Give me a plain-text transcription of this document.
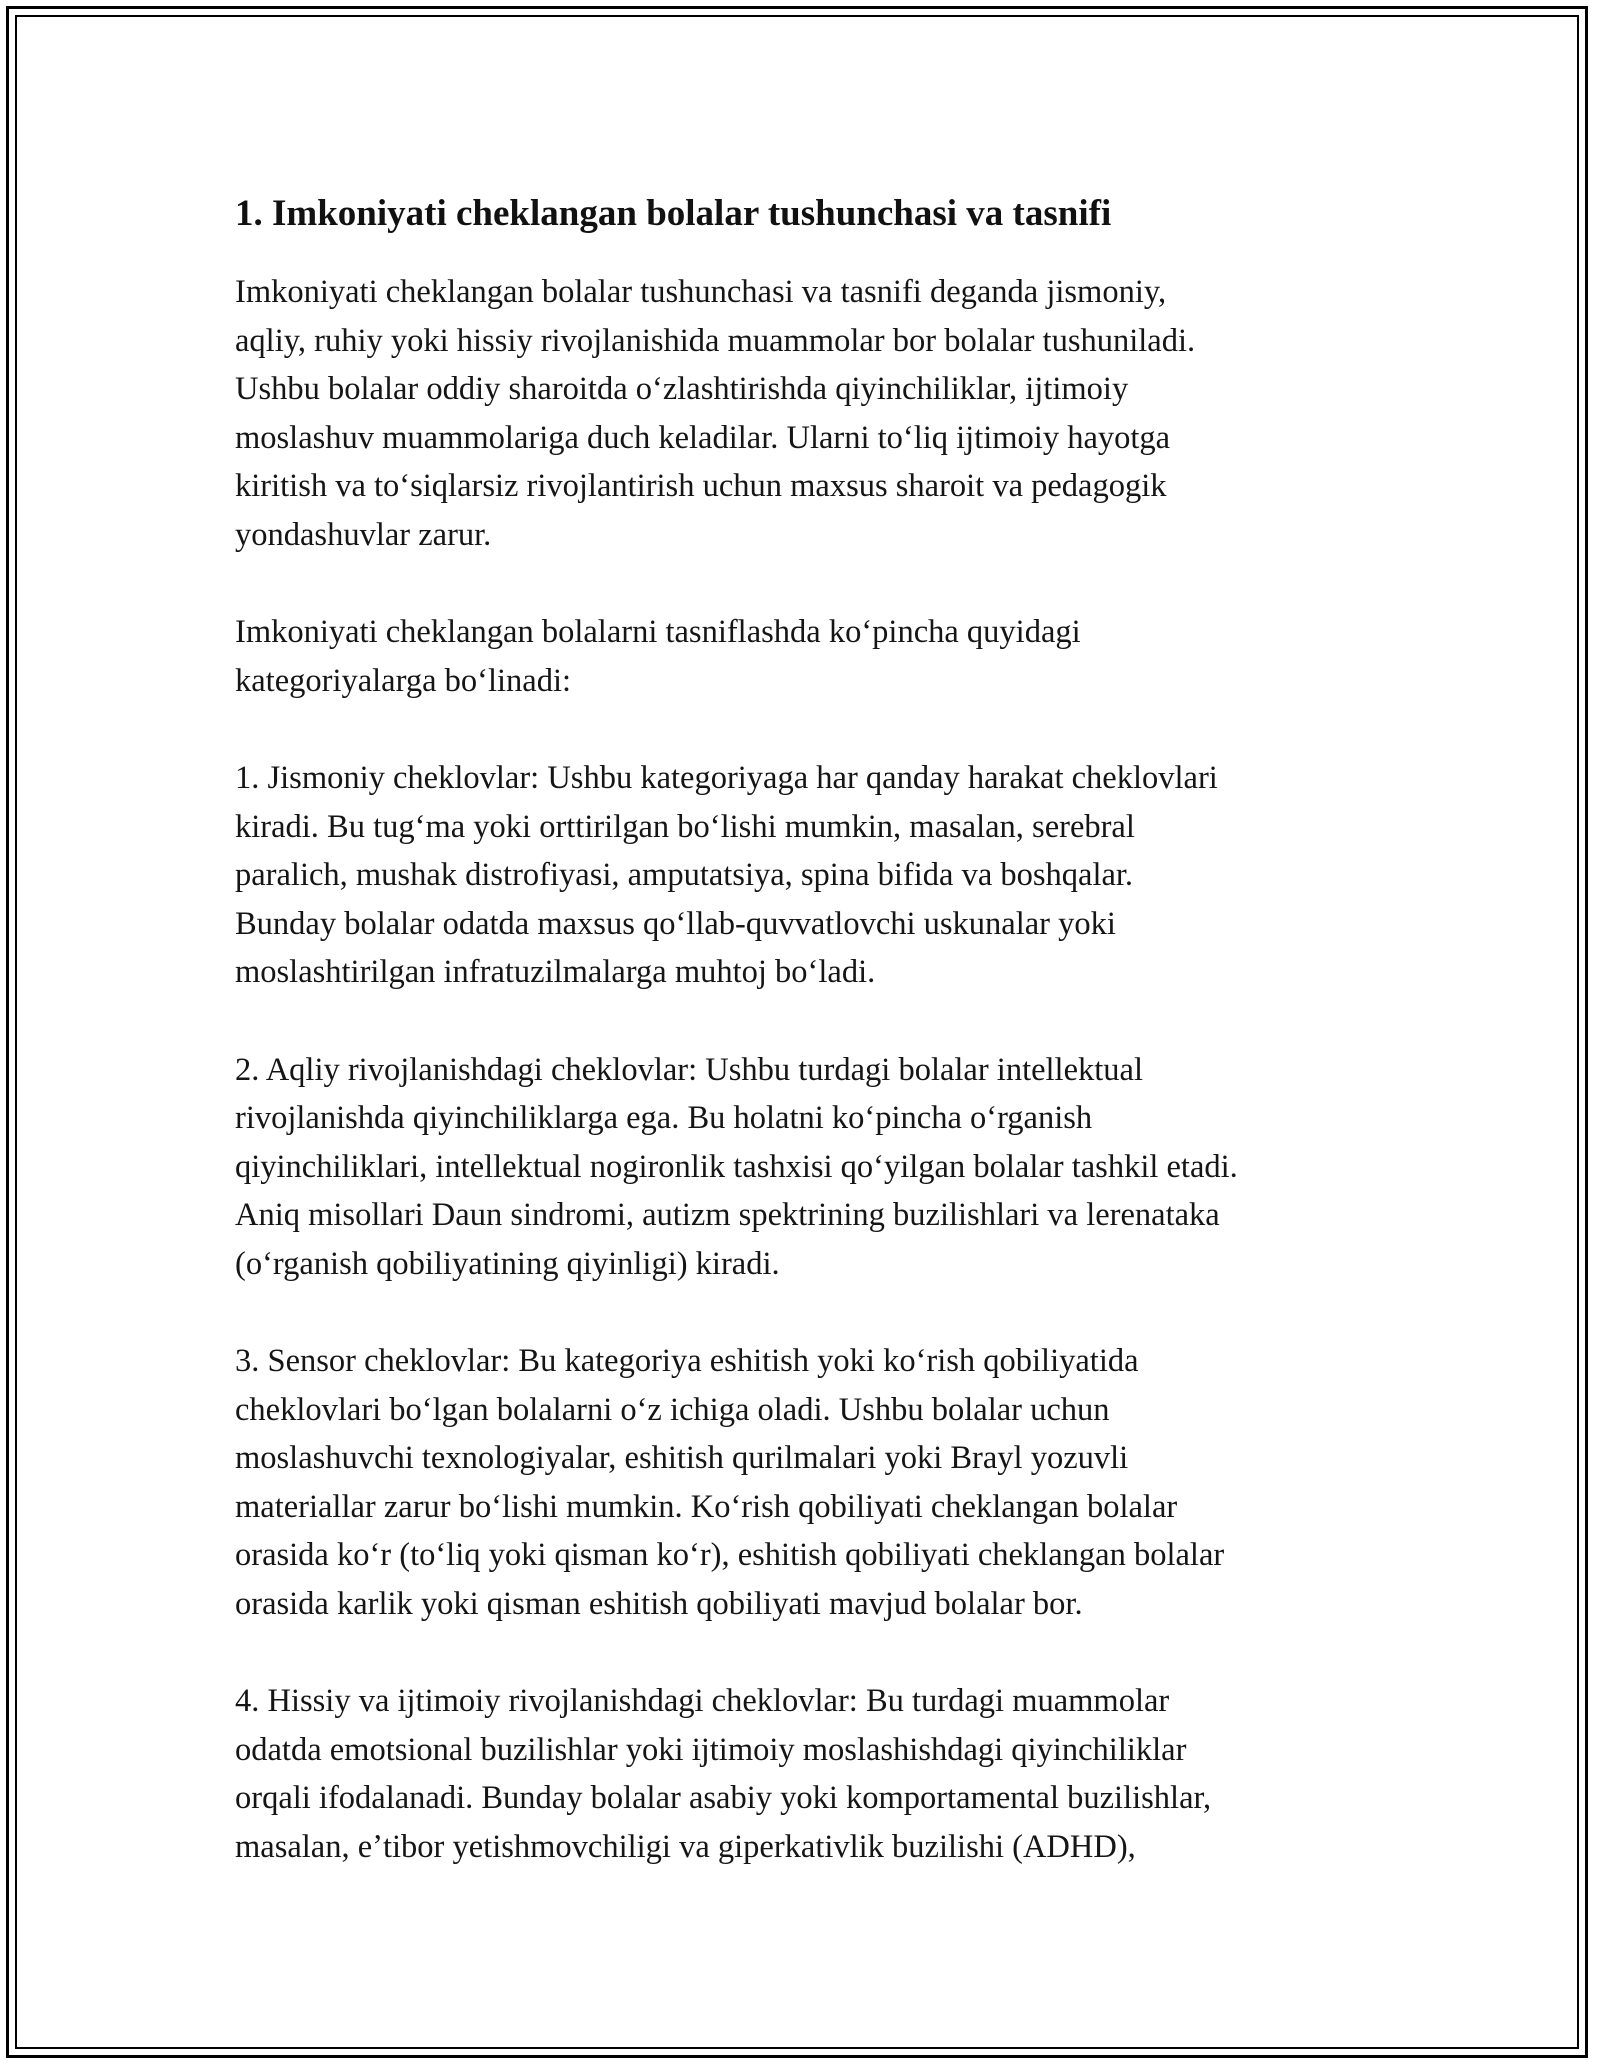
1. Imkoniyati cheklangan bolalar tushunchasi va tasnifi

Imkoniyati cheklangan bolalar tushunchasi va tasnifi deganda jismoniy,
aqliy, ruhiy yoki hissiy rivojlanishida muammolar bor bolalar tushuniladi.
Ushbu bolalar oddiy sharoitda oʻzlashtirishda qiyinchiliklar, ijtimoiy
moslashuv muammolariga duch keladilar. Ularni toʻliq ijtimoiy hayotga
kiritish va toʻsiqlarsiz rivojlantirish uchun maxsus sharoit va pedagogik
yondashuvlar zarur.

Imkoniyati cheklangan bolalarni tasniflashda koʻpincha quyidagi
kategoriyalarga boʻlinadi:

1. Jismoniy cheklovlar: Ushbu kategoriyaga har qanday harakat cheklovlari
kiradi. Bu tugʻma yoki orttirilgan boʻlishi mumkin, masalan, serebral
paralich, mushak distrofiyasi, amputatsiya, spina bifida va boshqalar.
Bunday bolalar odatda maxsus qoʻllab-quvvatlovchi uskunalar yoki
moslashtirilgan infratuzilmalarga muhtoj boʻladi.

2. Aqliy rivojlanishdagi cheklovlar: Ushbu turdagi bolalar intellektual
rivojlanishda qiyinchiliklarga ega. Bu holatni koʻpincha oʻrganish
qiyinchiliklari, intellektual nogironlik tashxisi qoʻyilgan bolalar tashkil etadi.
Aniq misollari Daun sindromi, autizm spektrining buzilishlari va lerenataka
(oʻrganish qobiliyatining qiyinligi) kiradi.

3. Sensor cheklovlar: Bu kategoriya eshitish yoki koʻrish qobiliyatida
cheklovlari boʻlgan bolalarni oʻz ichiga oladi. Ushbu bolalar uchun
moslashuvchi texnologiyalar, eshitish qurilmalari yoki Brayl yozuvli
materiallar zarur boʻlishi mumkin. Koʻrish qobiliyati cheklangan bolalar
orasida koʻr (toʻliq yoki qisman koʻr), eshitish qobiliyati cheklangan bolalar
orasida karlik yoki qisman eshitish qobiliyati mavjud bolalar bor.

4. Hissiy va ijtimoiy rivojlanishdagi cheklovlar: Bu turdagi muammolar
odatda emotsional buzilishlar yoki ijtimoiy moslashishdagi qiyinchiliklar
orqali ifodalanadi. Bunday bolalar asabiy yoki komportamental buzilishlar,
masalan, eʼtibor yetishmovchiligi va giperkativlik buzilishi (ADHD),
